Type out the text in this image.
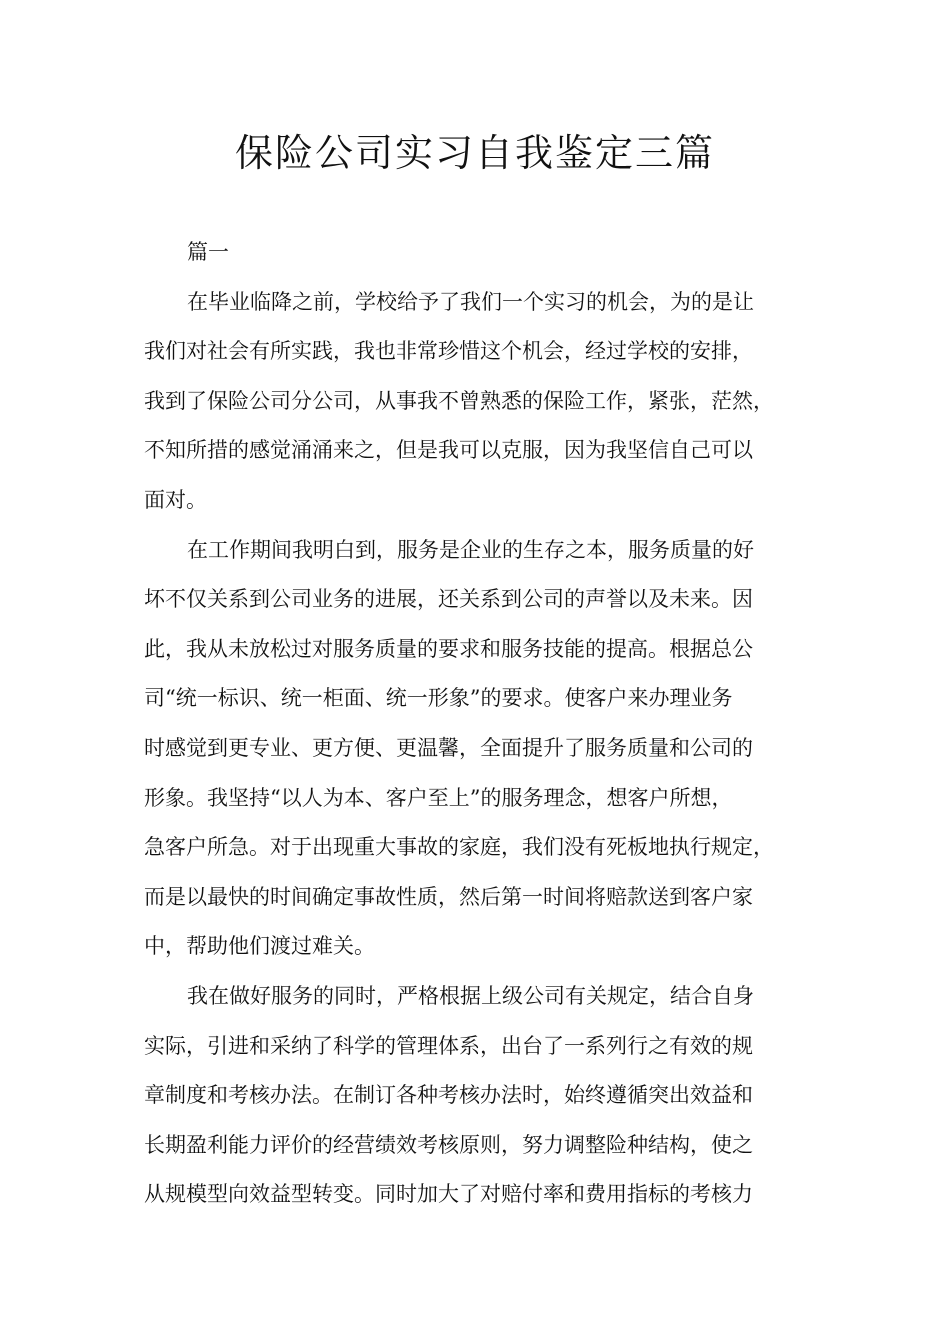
保险公司实习自我鉴定三篇

篇一

在毕业临降之前，学校给予了我们一个实习的机会，为的是让

我们对社会有所实践，我也非常珍惜这个机会，经过学校的安排，

我到了保险公司分公司，从事我不曾熟悉的保险工作，紧张，茫然，

不知所措的感觉涌涌来之，但是我可以克服，因为我坚信自己可以

面对。

在工作期间我明白到，服务是企业的生存之本，服务质量的好

坏不仅关系到公司业务的进展，还关系到公司的声誉以及未来。因

此，我从未放松过对服务质量的要求和服务技能的提高。根据总公

司“统一标识、统一柜面、统一形象”的要求。使客户来办理业务

时感觉到更专业、更方便、更温馨，全面提升了服务质量和公司的

形象。我坚持“以人为本、客户至上”的服务理念，想客户所想，

急客户所急。对于出现重大事故的家庭，我们没有死板地执行规定，

而是以最快的时间确定事故性质，然后第一时间将赔款送到客户家

中，帮助他们渡过难关。

我在做好服务的同时，严格根据上级公司有关规定，结合自身

实际，引进和采纳了科学的管理体系，出台了一系列行之有效的规

章制度和考核办法。在制订各种考核办法时，始终遵循突出效益和

长期盈利能力评价的经营绩效考核原则，努力调整险种结构，使之

从规模型向效益型转变。同时加大了对赔付率和费用指标的考核力
